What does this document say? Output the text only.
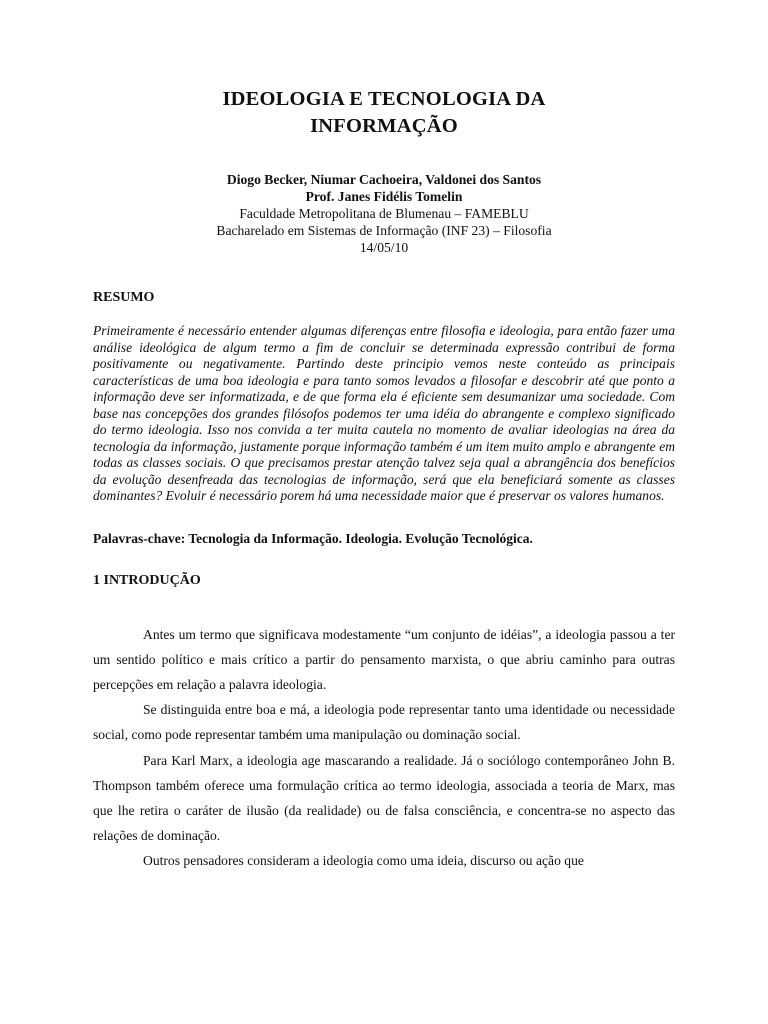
IDEOLOGIA E TECNOLOGIA DA
INFORMAÇÃO
Diogo Becker, Niumar Cachoeira, Valdonei dos Santos
Prof. Janes Fidélis Tomelin
Faculdade Metropolitana de Blumenau – FAMEBLU
Bacharelado em Sistemas de Informação (INF 23) – Filosofia
14/05/10
RESUMO

Primeiramente é necessário entender algumas diferenças entre filosofia e ideologia, para então fazer uma análise ideológica de algum termo a fim de concluir se determinada expressão contribui de forma positivamente ou negativamente. Partindo deste principio vemos neste conteúdo as principais características de uma boa ideologia e para tanto somos levados a filosofar e descobrir até que ponto a informação deve ser informatizada, e de que forma ela é eficiente sem desumanizar uma sociedade. Com base nas concepções dos grandes filósofos podemos ter uma idéia do abrangente e complexo significado do termo ideologia. Isso nos convida a ter muita cautela no momento de avaliar ideologias na área da tecnologia da informação, justamente porque informação também é um item muito amplo e abrangente em todas as classes sociais. O que precisamos prestar atenção talvez seja qual a abrangência dos benefícios da evolução desenfreada das tecnologias de informação, será que ela beneficiará somente as classes dominantes? Evoluir é necessário porem há uma necessidade maior que é preservar os valores humanos.

Palavras-chave: Tecnologia da Informação. Ideologia. Evolução Tecnológica.

1 INTRODUÇÃO

Antes um termo que significava modestamente “um conjunto de idéias”, a ideologia passou a ter um sentido político e mais crítico a partir do pensamento marxista, o que abriu caminho para outras percepções em relação a palavra ideologia.

Se distinguida entre boa e má, a ideologia pode representar tanto uma identidade ou necessidade social, como pode representar também uma manipulação ou dominação social.

Para Karl Marx, a ideologia age mascarando a realidade. Já o sociólogo contemporâneo John B. Thompson também oferece uma formulação crítica ao termo ideologia, associada a teoria de Marx, mas que lhe retira o caráter de ilusão (da realidade) ou de falsa consciência, e concentra-se no aspecto das relações de dominação.

Outros pensadores consideram a ideologia como uma ideia, discurso ou ação que
